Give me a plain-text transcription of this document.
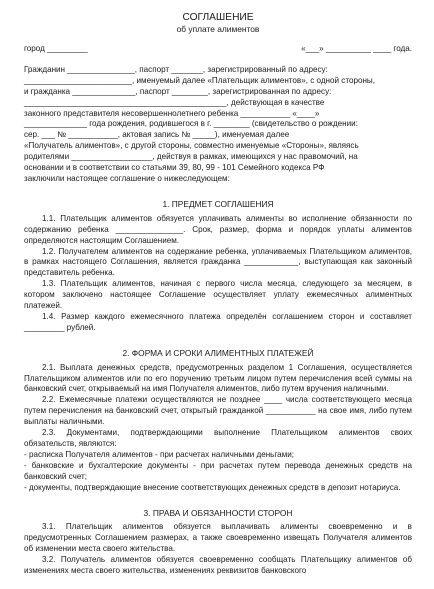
СОГЛАШЕНИЕ

об уплате алиментов

город _________	«___» __________ ____ года.
Гражданин _______________, паспорт _______, зарегистрированный по адресу:
________________________, именуемый далее «Плательщик алиментов», с одной стороны,
и гражданка ______________, паспорт ________, зарегистрированная по адресу:
_____________________________________________, действующая в качестве
законного представителя несовершеннолетнего ребенка ___________ «____»
______________ года рождения, родившегося в г. ________ (свидетельство о рождении:
сер. ___ № ___________, актовая запись № _____), именуемая далее
«Получатель алиментов», с другой стороны, совместно именуемые «Стороны», являясь
родителями __________________, действуя в рамках, имеющихся у нас правомочий, на
основании и в соответствии со статьями 39, 80, 99 - 101 Семейного кодекса РФ
заключили настоящее соглашение о нижеследующем:

1. ПРЕДМЕТ СОГЛАШЕНИЯ

1.1. Плательщик алиментов обязуется уплачивать алименты во исполнение обязанности по содержанию ребенка _______________. Срок, размер, форма и порядок уплаты алиментов определяются настоящим Соглашением.

1.2. Получателем алиментов на содержание ребенка, уплачиваемых Плательщиком алиментов, в рамках настоящего Соглашения, является гражданка ____________, выступающая как законный представитель ребенка.

1.3. Плательщик алиментов, начиная с первого числа месяца, следующего за месяцем, в котором заключено настоящее Соглашение осуществляет уплату ежемесячных алиментных платежей.

1.4. Размер каждого ежемесячного платежа определён соглашением сторон и составляет _________ рублей.

2. ФОРМА И СРОКИ АЛИМЕНТНЫХ ПЛАТЕЖЕЙ

2.1. Выплата денежных средств, предусмотренных разделом 1 Соглашения, осуществляется Плательщиком алиментов или по его поручению третьим лицом путем перечисления всей суммы на банковский счет, открываемый на имя Получателя алиментов, либо путем вручения наличными.

2.2. Ежемесячные платежи осуществляются не позднее ____ числа соответствующего месяца путем перечисления на банковский счет, открытый гражданкой ___________ на свое имя, либо путем выплаты наличными.

2.3. Документами, подтверждающими выполнение Плательщиком алиментов своих обязательств, являются:

- расписка Получателя алиментов - при расчетах наличными деньгами;

- банковские и бухгалтерские документы - при расчетах путем перевода денежных средств на банковский счет;

- документы, подтверждающие внесение соответствующих денежных средств в депозит нотариуса.

3. ПРАВА И ОБЯЗАННОСТИ СТОРОН

3.1. Плательщик алиментов обязуется выплачивать алименты своевременно и в предусмотренных Соглашением размерах, а также своевременно извещать Получателя алиментов об изменении места своего жительства.

3.2. Получатель алиментов обязуется своевременно сообщать Плательщику алиментов об изменениях места своего жительства, изменениях реквизитов банковского
